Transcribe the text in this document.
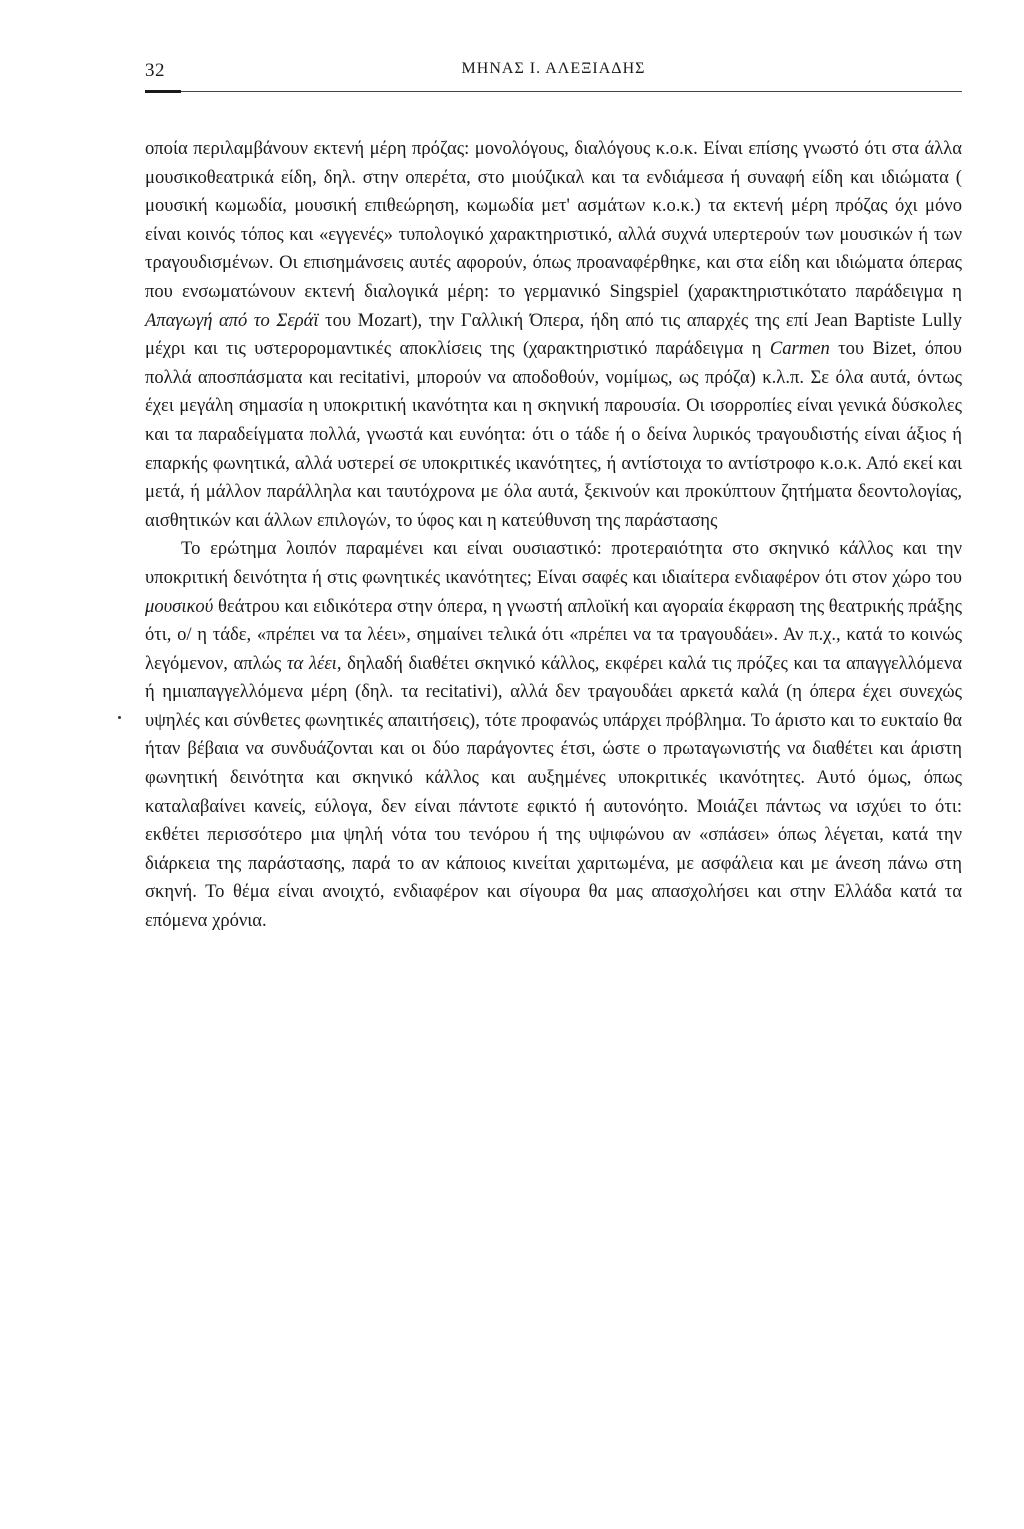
32	ΜΗΝΑΣ Ι. ΑΛΕΞΙΑΔΗΣ

οποία περιλαμβάνουν εκτενή μέρη πρόζας: μονολόγους, διαλόγους κ.ο.κ. Είναι επίσης γνωστό ότι στα άλλα μουσικοθεατρικά είδη, δηλ. στην οπερέτα, στο μιούζικαλ και τα ενδιάμεσα ή συναφή είδη και ιδιώματα ( μουσική κωμωδία, μουσική επιθεώρηση, κωμωδία μετ' ασμάτων κ.ο.κ.) τα εκτενή μέρη πρόζας όχι μόνο είναι κοινός τόπος και «εγγενές» τυπολογικό χαρακτηριστικό, αλλά συχνά υπερτερούν των μουσικών ή των τραγουδισμένων. Οι επισημάνσεις αυτές αφορούν, όπως προαναφέρθηκε, και στα είδη και ιδιώματα όπερας που ενσωματώνουν εκτενή διαλογικά μέρη: το γερμανικό Singspiel (χαρακτηριστικότατο παράδειγμα η Απαγωγή από το Σεράϊ του Mozart), την Γαλλική Όπερα, ήδη από τις απαρχές της επί Jean Baptiste Lully μέχρι και τις υστερορομαντικές αποκλίσεις της (χαρακτηριστικό παράδειγμα η Carmen του Bizet, όπου πολλά αποσπάσματα και recitativi, μπορούν να αποδοθούν, νομίμως, ως πρόζα) κ.λ.π. Σε όλα αυτά, όντως έχει μεγάλη σημασία η υποκριτική ικανότητα και η σκηνική παρουσία. Οι ισορροπίες είναι γενικά δύσκολες και τα παραδείγματα πολλά, γνωστά και ευνόητα: ότι ο τάδε ή ο δείνα λυρικός τραγουδιστής είναι άξιος ή επαρκής φωνητικά, αλλά υστερεί σε υποκριτικές ικανότητες, ή αντίστοιχα το αντίστροφο κ.ο.κ. Από εκεί και μετά, ή μάλλον παράλληλα και ταυτόχρονα με όλα αυτά, ξεκινούν και προκύπτουν ζητήματα δεοντολογίας, αισθητικών και άλλων επιλογών, το ύφος και η κατεύθυνση της παράστασης

Το ερώτημα λοιπόν παραμένει και είναι ουσιαστικό: προτεραιότητα στο σκηνικό κάλλος και την υποκριτική δεινότητα ή στις φωνητικές ικανότητες; Είναι σαφές και ιδιαίτερα ενδιαφέρον ότι στον χώρο του μουσικού θεάτρου και ειδικότερα στην όπερα, η γνωστή απλοϊκή και αγοραία έκφραση της θεατρικής πράξης ότι, ο/ η τάδε, «πρέπει να τα λέει», σημαίνει τελικά ότι «πρέπει να τα τραγουδάει». Αν π.χ., κατά το κοινώς λεγόμενον, απλώς τα λέει, δηλαδή διαθέτει σκηνικό κάλλος, εκφέρει καλά τις πρόζες και τα απαγγελλόμενα ή ημιαπαγγελλόμενα μέρη (δηλ. τα recitativi), αλλά δεν τραγουδάει αρκετά καλά (η όπερα έχει συνεχώς υψηλές και σύνθετες φωνητικές απαιτήσεις), τότε προφανώς υπάρχει πρόβλημα. Το άριστο και το ευκταίο θα ήταν βέβαια να συνδυάζονται και οι δύο παράγοντες έτσι, ώστε ο πρωταγωνιστής να διαθέτει και άριστη φωνητική δεινότητα και σκηνικό κάλλος και αυξημένες υποκριτικές ικανότητες. Αυτό όμως, όπως καταλαβαίνει κανείς, εύλογα, δεν είναι πάντοτε εφικτό ή αυτονόητο. Μοιάζει πάντως να ισχύει το ότι: εκθέτει περισσότερο μια ψηλή νότα του τενόρου ή της υψιφώνου αν «σπάσει» όπως λέγεται, κατά την διάρκεια της παράστασης, παρά το αν κάποιος κινείται χαριτωμένα, με ασφάλεια και με άνεση πάνω στη σκηνή. Το θέμα είναι ανοιχτό, ενδιαφέρον και σίγουρα θα μας απασχολήσει και στην Ελλάδα κατά τα επόμενα χρόνια.
